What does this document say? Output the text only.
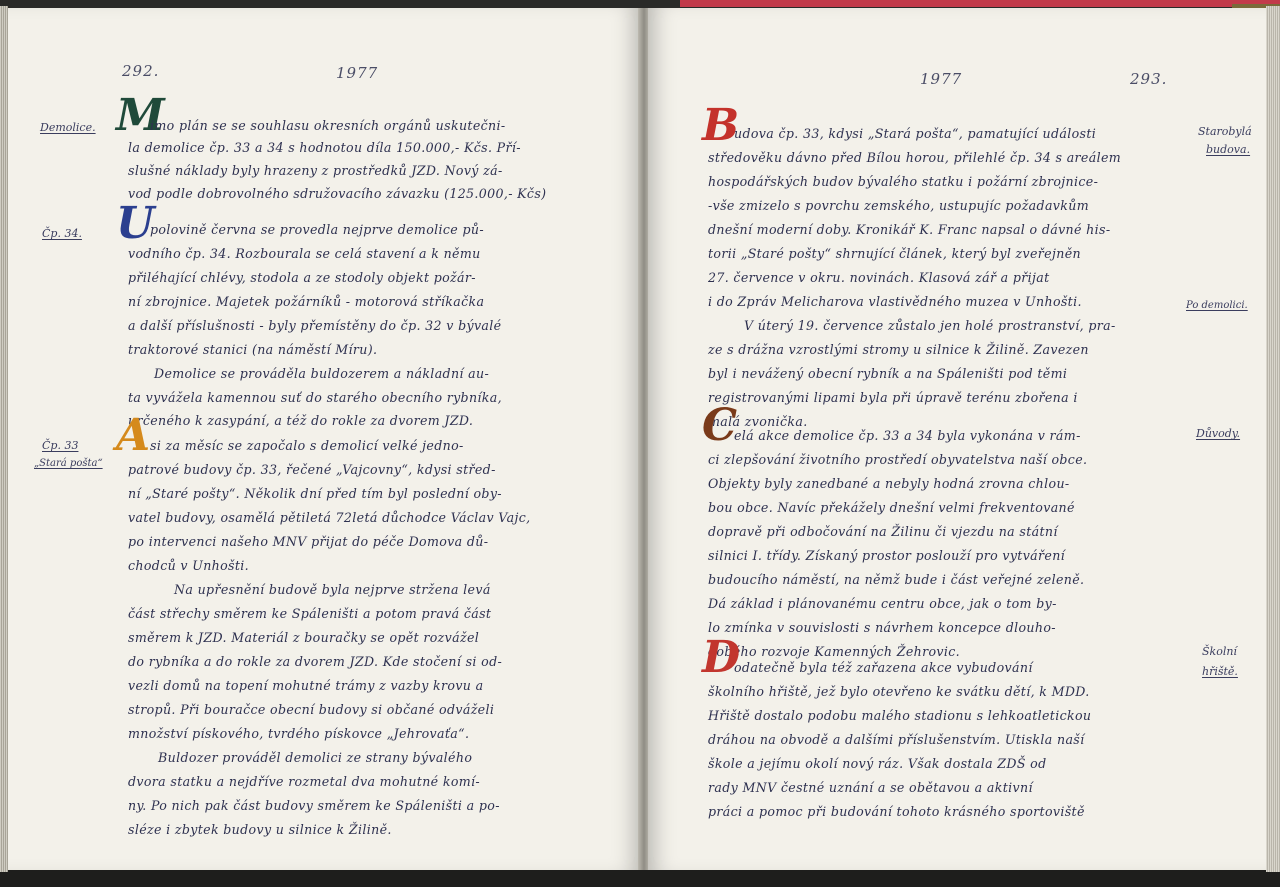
292.	1977
Demolice.
Čp. 34.
Čp. 33
„Stará pošta“
M
imo plán se se souhlasu okresních orgánů uskutečni-
la demolice čp. 33 a 34 s hodnotou díla 150.000,- Kčs. Pří-
slušné náklady byly hrazeny z prostředků JZD. Nový zá-
vod podle dobrovolného sdružovacího závazku (125.000,- Kčs)
U
polovině června se provedla nejprve demolice pů-
vodního čp. 34. Rozbourala se celá stavení a k němu
přiléhající chlévy, stodola a ze stodoly objekt požár-
ní zbrojnice. Majetek požárníků - motorová stříkačka
a další příslušnosti - byly přemístěny do čp. 32 v bývalé
traktorové stanici (na náměstí Míru).
Demolice se prováděla buldozerem a nákladní au-
ta vyvážela kamennou suť do starého obecního rybníka,
určeného k zasypání, a též do rokle za dvorem JZD.
A si za měsíc se započalo s demolicí velké jedno-
patrové budovy čp. 33, řečené „Vajcovny“, kdysi střed-
ní „Staré pošty“. Několik dní před tím byl poslední oby-
vatel budovy, osamělá pětiletá 72letá důchodce Václav Vajc,
po intervenci našeho MNV přijat do péče Domova dů-
chodců v Unhošti.
Na upřesnění budově byla nejprve stržena levá
část střechy směrem ke Spáleništi a potom pravá část
směrem k JZD. Materiál z bouračky se opět rozvážel
do rybníka a do rokle za dvorem JZD. Kde stočení si od-
vezli domů na topení mohutné trámy z vazby krovu a
stropů. Při bouračce obecní budovy si občané odváželi
množství pískového, tvrdého pískovce „Jehrovaťa“.
Buldozer prováděl demolici ze strany bývalého
dvora statku a nejdříve rozmetal dva mohutné komí-
ny. Po nich pak část budovy směrem ke Spáleništi a po-
sléze i zbytek budovy u silnice k Žilině.
1977	293.
Starobylá
budova.
Po demolici.
Důvody.
Školní
hřiště.
B
udova čp. 33, kdysi „Stará pošta“, pamatující události
středověku dávno před Bílou horou, přilehlé čp. 34 s areálem
hospodářských budov bývalého statku i požární zbrojnice-
-vše zmizelo s povrchu zemského, ustupujíc požadavkům
dnešní moderní doby. Kronikář K. Franc napsal o dávné his-
torii „Staré pošty“ shrnující článek, který byl zveřejněn
27. července v okru. novinách. Klasová zář a přijat
i do Zpráv Melicharova vlastivědného muzea v Unhošti.
V úterý 19. července zůstalo jen holé prostranství, pra-
ze s drážna vzrostlými stromy u silnice k Žilině. Zavezen
byl i nevážený obecní rybník a na Spáleništi pod těmi
registrovanými lipami byla při úpravě terénu zbořena i
malá zvonička.
C
elá akce demolice čp. 33 a 34 byla vykonána v rám-
ci zlepšování životního prostředí obyvatelstva naší obce.
Objekty byly zanedbané a nebyly hodná zrovna chlou-
bou obce. Navíc překážely dnešní velmi frekventované
dopravě při odbočování na Žilinu či vjezdu na státní
silnici I. třídy. Získaný prostor poslouží pro vytváření
budoucího náměstí, na němž bude i část veřejné zeleně.
Dá základ i plánovanému centru obce, jak o tom by-
lo zmínka v souvislosti s návrhem koncepce dlouho-
dobého rozvoje Kamenných Žehrovic.
D
odatečně byla též zařazena akce vybudování
školního hřiště, jež bylo otevřeno ke svátku dětí, k MDD.
Hřiště dostalo podobu malého stadionu s lehkoatletickou
dráhou na obvodě a dalšími příslušenstvím. Utiskla naší
škole a jejímu okolí nový ráz. Však dostala ZDŠ od
rady MNV čestné uznání a se obětavou a aktivní
práci a pomoc při budování tohoto krásného sportoviště
